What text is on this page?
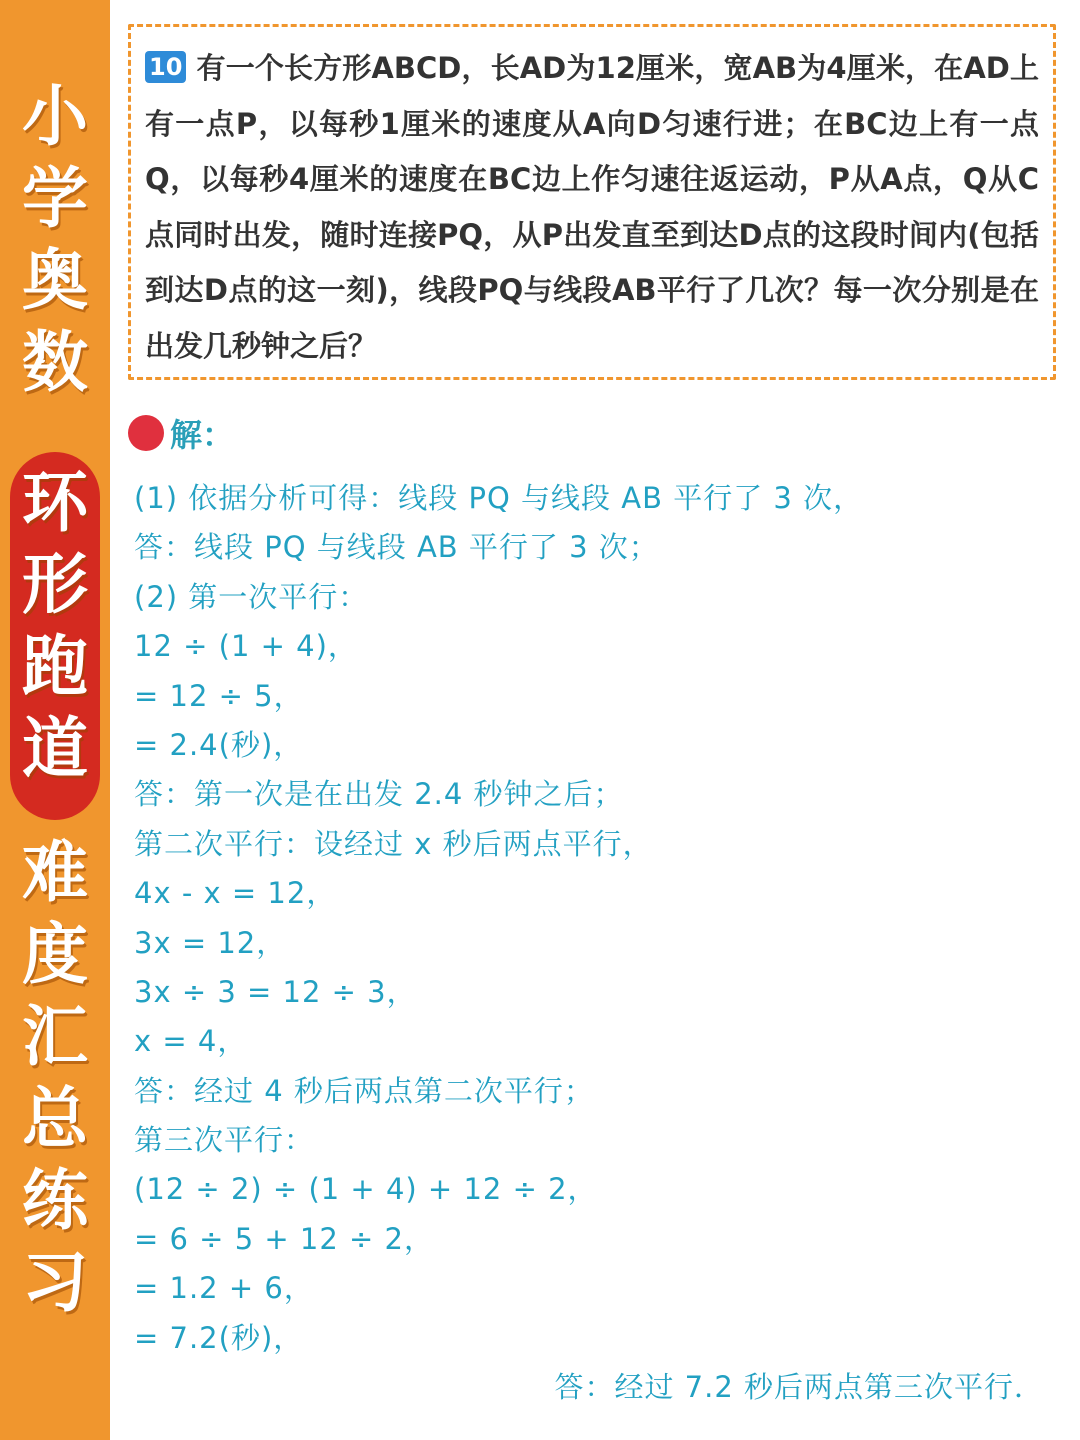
小
学
奥
数
环
形
跑
道
难
度
汇
总
练
习
10 有一个长方形ABCD，长AD为12厘米，宽AB为4厘米，在AD上有一点P，以每秒1厘米的速度从A向D匀速行进；在BC边上有一点Q，以每秒4厘米的速度在BC边上作匀速往返运动，P从A点，Q从C点同时出发，随时连接PQ，从P出发直至到达D点的这段时间内(包括到达D点的这一刻)，线段PQ与线段AB平行了几次？每一次分别是在出发几秒钟之后？
解：
(1) 依据分析可得：线段 PQ 与线段 AB 平行了 3 次，
答：线段 PQ 与线段 AB 平行了 3 次；
(2) 第一次平行：
12 ÷ (1 + 4)，
= 12 ÷ 5，
= 2.4(秒)，
答：第一次是在出发 2.4 秒钟之后；
第二次平行：设经过 x 秒后两点平行，
4x - x = 12，
3x = 12，
3x ÷ 3 = 12 ÷ 3，
x = 4，
答：经过 4 秒后两点第二次平行；
第三次平行：
(12 ÷ 2) ÷ (1 + 4) + 12 ÷ 2，
= 6 ÷ 5 + 12 ÷ 2，
= 1.2 + 6，
= 7.2(秒)，
答：经过 7.2 秒后两点第三次平行．
